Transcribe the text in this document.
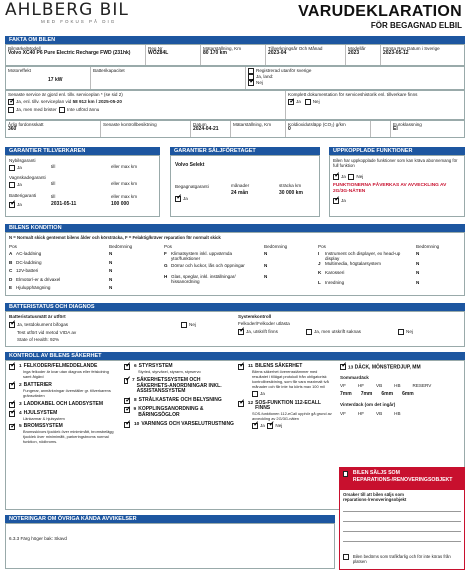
AHLBERG BIL
MED FOKUS PÅ DIG
VARUDEKLARATION
FÖR BEGAGNAD ELBIL
FAKTA OM BILEN
Bilmärke/Modell
Volvo XC40 P6 Pure Electric Recharge FWD (231hk)
Reg Nr
WOZ84L
Mätarställning, Km
80 170 km
Tillverkningsår Och Månad
2023-04
Modellår
2023
Första Reg Datum i Sverige
2023-05-12
Motoreffekt
17 kW
Batterikapacitet	Registrerad utanför sverige
Ja, land:
✓Nej
Senaste service är gjord enl. tillv. serviceplan * (se sid 2)
✓Ja, enl. tillv. serviceplan vid 58 912 km / 2025-05-20
Ja, men med brister Inte utförd ännu
Komplett dokumentation för serviceshistorik enl. tillverkare finns
✓Ja	Nej
Årlig fordonsskatt
360
Senaste kontrollbesiktning	Datum
2024-04-21
Mätarställning, Km	Koldioxidutsläpp (CO₂) g/km
0
Euroklassning
El
GARANTIER TILLVERKAREN
Nybilsgaranti
Ja	till	eller max km
Vagnskadegaranti
Ja	till	eller max km
Batterigaranti
✓Ja
till	eller max km
2031-05-11	100 000
GARANTIER SÄLJFÖRETAGET
Volvo Selekt
Begagnatgaranti
✓Ja
månader
24 mån
sträcka km
30 000 km
UPPKOPPLADE FUNKTIONER
Bilen har uppkopplade funktioner som kan kräva abonnemang för full funktion
✓Ja Nej
FUNKTIONERNA PÅVERKAS AV AVVECKLING AV 2G/3G-NÄTEN
✓Ja
BILENS KONDITION
N = Normalt skick gentemot bilens ålder och körsträcka, F = Felaktig/kräver reparation för normalt skick
Pos	Bedömning	Pos	Bedömning	Pos	Bedömning
A AC-laddning	N
B DC-laddning	N
C 12V-batteri	N
D Elmotor/-er & drivaxel	N
E Hjulupphängning	N
F Klimatsystem inkl. uppvärmda ytor/funktioner
N
G Dörrar och luckor, lås och öppningar	N
H Glas, speglar, inkl. inställningar/ hissanordning
N
I Instrument och displayer, ex head-up display
N
J Multimedia, högtalarsystem	N
K Karosseri	N
L Inredning	N
BATTERISTATUS OCH DIAGNOS
Batteristatusmätt är utfört
✓Ja, testdokument bifogas	Nej
Test utfört vid metod VIDA av
State of Health: 92%
Systemkontroll
Felkoder/Felkoder utlästa
✓Ja, utskrift finns	Ja, men utskrift saknas	Nej
KONTROLL AV BILENS SÄKERHET
✓
1 FELKODER/FELMEDDELANDE
Inga felkoder är kvar utan diagnos eller felskdning samt åtgärd
✓
2 BATTERIER
Fungerar, anmärkningar överställer gr. tillverkarens gränsvärden
✓
3 LADDKABEL OCH LADDSYSTEM
✓
4 HJULSYSTEM
Länkarmar & hjulsystem
✓
5 BROMSSYSTEM
Bromsskivors tjocklek över minimimått, bromsbelägg tjocklek över minimimått, parkeringsbroms normal funktion, nödbroms.
✓
6 STYRSYSTEM
Styrled, styrväxel, styrarm, styrservo
✓
7 SÄKERHETSSYSTEM OCH SÄKERHETS-ANORDNINGAR INKL. ASSISTANSSYSTEM
✓
8 STRÅLKASTARE OCH BELYSNING
✓
9 KOPPLINGSANORDNING & BÄRINGSÖGLOR
✓
10 VARNINGS OCH VARSELUTRUSTNING
✓
11 BILENS SÄKERHET
Bilens säkerhet överensstämmer med resultatet i tillägat protokoll från obligatorisk kontrollbesiktning, som får vara maximalt två månader och får inte ha körts max 100 mil
Ja
✓
12 SOS-FUNKTION 112-ECALL FINNS
SOS-funktionen 112-eCall upphör gå grund av avveckling av 2G/3G-näten
✓Ja  ✓ Nej
✓13 DÄCK, MÖNSTERDJUP, MM
Sommardäck
VF	HF	VB	HB	RESERV
7mm 7mm 6mm 6mm
Vinterdäck (om det ingår)
VF	HF	VB	HB
BILEN SÄLJS SOM REPARATIONS-/RENOVERINGSOBJEKT
Orsaker till att bilen säljs som reparations-/renoveringsobjekt
Bilen bedöms som trafikfarlig och för inte köras från platsen
NOTERINGAR OM ÖVRIGA KÄNDA AVVIKELSER
6.3.3 Färg höger bak: Skavd
